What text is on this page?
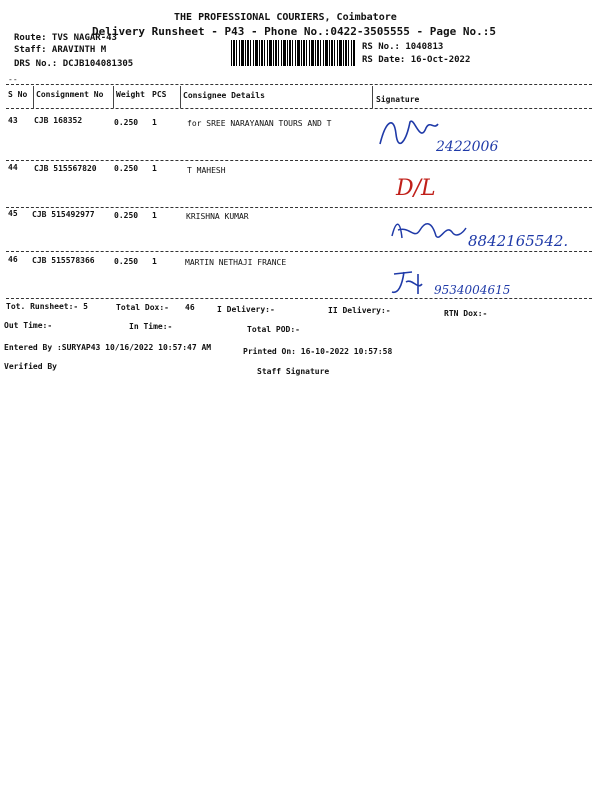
THE PROFESSIONAL COURIERS, Coimbatore
Delivery Runsheet - P43 - Phone No.:0422-3505555 - Page No.:5
Route: TVS NAGAR-43
Staff: ARAVINTH M
DRS No.: DCJB104081305
RS No.: 1040813
RS Date: 16-Oct-2022
--
S No Consignment No Weight PCS Consignee Details	Signature
43 CJB 168352	0.250 1	for SREE NARAYANAN TOURS AND T
2422006
44 CJB 515567820 0.250 1	T MAHESH
D/L
45 CJB 515492977 0.250 1	KRISHNA KUMAR
8842165542.
46 CJB 515578366 0.250 1	MARTIN NETHAJI FRANCE
9534004615
Tot. Runsheet:- 5	Total Dox:- 46	I Delivery:-	II Delivery:-	RTN Dox:-
Out Time:-	In Time:-	Total POD:-
Entered By :SURYAP43 10/16/2022 10:57:47 AM	Printed On: 16-10-2022 10:57:58
Verified By
Staff Signature
